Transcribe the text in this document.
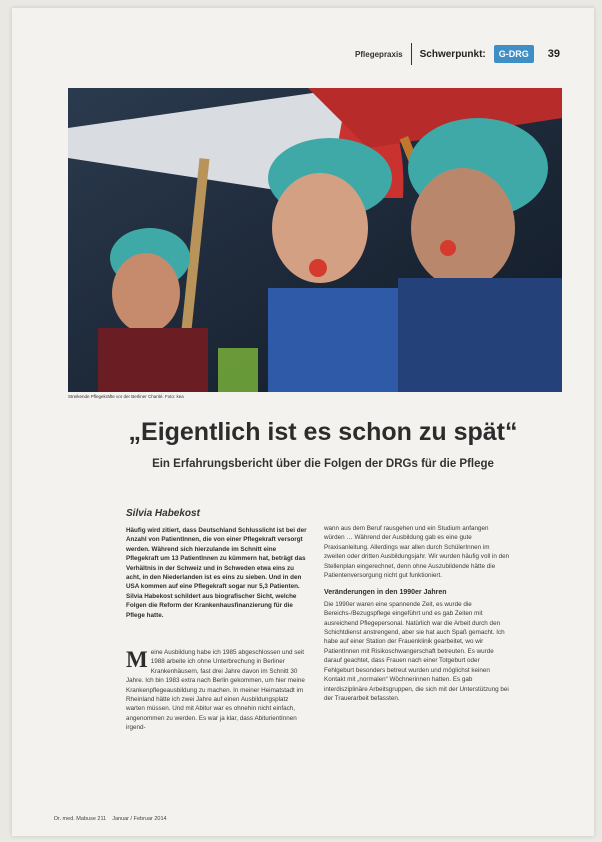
Pflegepraxis Schwerpunkt:	G-DRG	39
Streikende Pflegekräfte vor der Berliner Charité. Foto: kea
„Eigentlich ist es schon zu spät“
Ein Erfahrungsbericht über die Folgen der DRGs für die Pflege
Silvia Habekost
Häufig wird zitiert, dass Deutschland Schlusslicht ist bei der Anzahl von PatientInnen, die von einer Pflegekraft versorgt werden. Während sich hierzulande im Schnitt eine Pflegekraft um 13 PatientInnen zu kümmern hat, beträgt das Verhältnis in der Schweiz und in Schweden etwa eins zu acht, in den Niederlanden ist es eins zu sieben. Und in den USA kommen auf eine Pflegekraft sogar nur 5,3 Patienten. Silvia Habekost schildert aus biografischer Sicht, welche Folgen die Reform der Krankenhausfinanzierung für die Pflege hatte.
M eine Ausbildung habe ich 1985 abgeschlossen und seit 1988 arbeite ich ohne Unterbrechung in Berliner Krankenhäusern, fast drei Jahre davon im Schnitt 30 Jahre. Ich bin 1983 extra nach Berlin gekommen, um hier meine Krankenpflegeausbildung zu machen. In meiner Heimatstadt im Rheinland hätte ich zwei Jahre auf einen Ausbildungsplatz warten müssen. Und mit Abitur war es ohnehin nicht einfach, angenommen zu werden. Es war ja klar, dass AbiturientInnen irgend-
wann aus dem Beruf rausgehen und ein Studium anfangen würden … Während der Ausbildung gab es eine gute Praxisanleitung. Allerdings war allen durch SchülerInnen im zweiten oder dritten Ausbildungsjahr. Wir wurden häufig voll in den Stellenplan eingerechnet, denn ohne Auszubildende hätte die Patientenversorgung nicht gut funktioniert.
Veränderungen in den 1990er Jahren
Die 1990er waren eine spannende Zeit, es wurde die Bereichs-/Bezugspflege eingeführt und es gab Zeiten mit ausreichend Pflegepersonal. Natürlich war die Arbeit durch den Schichtdienst anstrengend, aber sie hat auch Spaß gemacht. Ich habe auf einer Station der Frauenklinik gearbeitet, wo wir PatientInnen mit Risikoschwangerschaft betreuten. Es wurde darauf geachtet, dass Frauen nach einer Totgeburt oder Fehlgeburt besonders betreut wurden und möglichst keinen Kontakt mit „normalen“ Wöchnerinnen hatten. Es gab interdisziplinäre Arbeitsgruppen, die sich mit der Unterstützung bei der Trauerarbeit befassten.
Dr. med. Mabuse 211 Januar / Februar 2014
